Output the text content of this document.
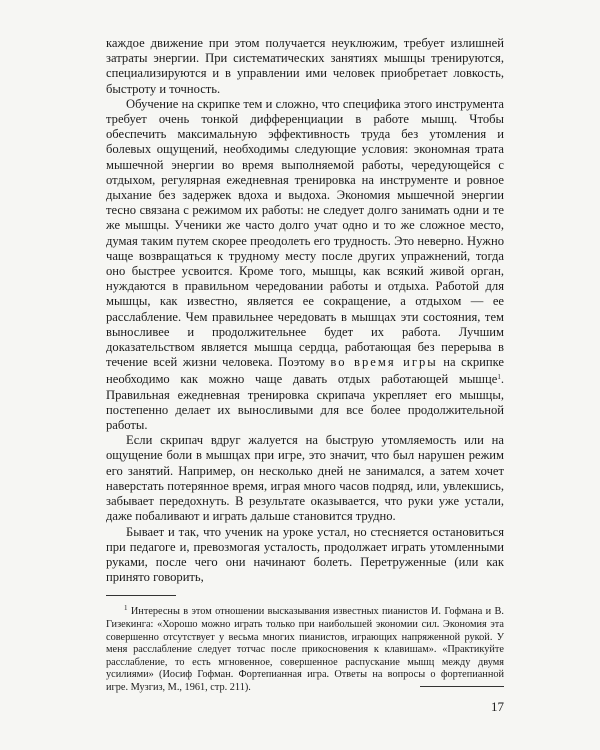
каждое движение при этом получается неуклюжим, требует излишней затраты энергии. При систематических занятиях мышцы тренируются, специализируются и в управлении ими человек приобретает ловкость, быстроту и точность.

Обучение на скрипке тем и сложно, что специфика этого инструмента требует очень тонкой дифференциации в работе мышц. Чтобы обеспечить максимальную эффективность труда без утомления и болевых ощущений, необходимы следующие условия: экономная трата мышечной энергии во время выполняемой работы, чередующейся с отдыхом, регулярная ежедневная тренировка на инструменте и ровное дыхание без задержек вдоха и выдоха. Экономия мышечной энергии тесно связана с режимом их работы: не следует долго занимать одни и те же мышцы. Ученики же часто долго учат одно и то же сложное место, думая таким путем скорее преодолеть его трудность. Это неверно. Нужно чаще возвращаться к трудному месту после других упражнений, тогда оно быстрее усвоится. Кроме того, мышцы, как всякий живой орган, нуждаются в правильном чередовании работы и отдыха. Работой для мышцы, как известно, является ее сокращение, а отдыхом — ее расслабление. Чем правильнее чередовать в мышцах эти состояния, тем выносливее и продолжительнее будет их работа. Лучшим доказательством является мышца сердца, работающая без перерыва в течение всей жизни человека. Поэтому во время игры на скрипке необходимо как можно чаще давать отдых работающей мышце$^1$. Правильная ежедневная тренировка скрипача укрепляет его мышцы, постепенно делает их выносливыми для все более продолжительной работы.

Если скрипач вдруг жалуется на быструю утомляемость или на ощущение боли в мышцах при игре, это значит, что был нарушен режим его занятий. Например, он несколько дней не занимался, а затем хочет наверстать потерянное время, играя много часов подряд, или, увлекшись, забывает передохнуть. В результате оказывается, что руки уже устали, даже побаливают и играть дальше становится трудно.

Бывает и так, что ученик на уроке устал, но стесняется остановиться при педагоге и, превозмогая усталость, продолжает играть утомленными руками, после чего они начинают болеть. Перетруженные (или как принято говорить,

$^1$ Интересны в этом отношении высказывания известных пианистов И. Гофмана и В. Гизекинга: «Хорошо можно играть только при наибольшей экономии сил. Экономия эта совершенно отсутствует у весьма многих пианистов, играющих напряженной рукой. У меня расслабление следует тотчас после прикосновения к клавишам». «Практикуйте расслабление, то есть мгновенное, совершенное распускание мышц между двумя усилиями» (Иосиф Гофман. Фортепианная игра. Ответы на вопросы о фортепианной игре. Музгиз, М., 1961, стр. 211).

17
